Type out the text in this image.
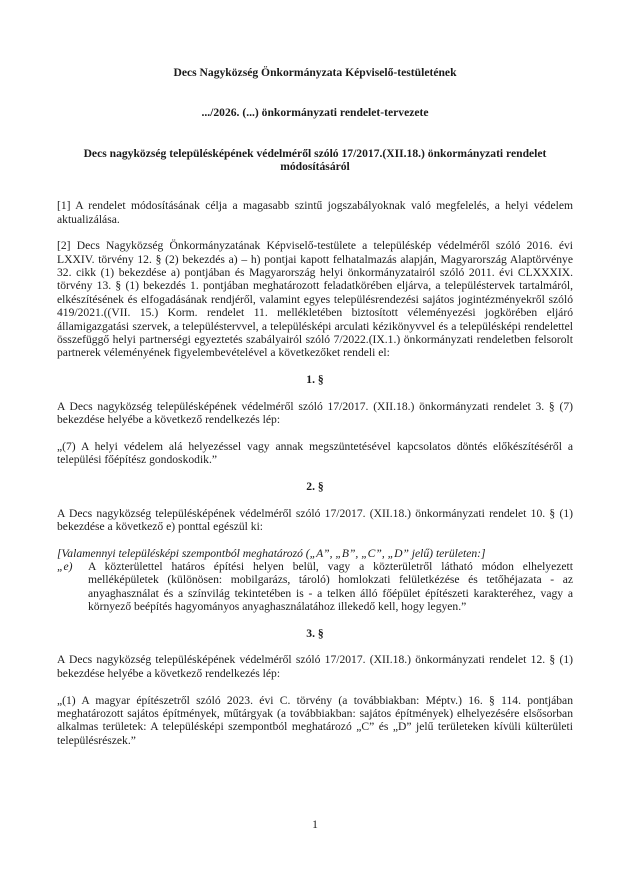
Decs Nagyközség Önkormányzata Képviselő-testületének
.../2026. (...) önkormányzati rendelet-tervezete
Decs nagyközség településképének védelméről szóló 17/2017.(XII.18.) önkormányzati rendelet módosításáról
[1] A rendelet módosításának célja a magasabb szintű jogszabályoknak való megfelelés, a helyi védelem aktualizálása.
[2] Decs Nagyközség Önkormányzatának Képviselő-testülete a településkép védelméről szóló 2016. évi LXXIV. törvény 12. § (2) bekezdés a) – h) pontjai kapott felhatalmazás alapján, Magyarország Alaptörvénye 32. cikk (1) bekezdése a) pontjában és Magyarország helyi önkormányzatairól szóló 2011. évi CLXXXIX. törvény 13. § (1) bekezdés 1. pontjában meghatározott feladatkörében eljárva, a településtervek tartalmáról, elkészítésének és elfogadásának rendjéről, valamint egyes településrendezési sajátos jogintézményekről szóló 419/2021.((VII. 15.) Korm. rendelet 11. mellékletében biztosított véleményezési jogkörében eljáró államigazgatási szervek, a településtervvel, a településképi arculati kézikönyvvel és a településképi rendelettel összefüggő helyi partnerségi egyeztetés szabályairól szóló 7/2022.(IX.1.) önkormányzati rendeletben felsorolt partnerek véleményének figyelembevételével a következőket rendeli el:
1. §
A Decs nagyközség településképének védelméről szóló 17/2017. (XII.18.) önkormányzati rendelet 3. § (7) bekezdése helyébe a következő rendelkezés lép:
„(7) A helyi védelem alá helyezéssel vagy annak megszüntetésével kapcsolatos döntés előkészítéséről a települési főépítész gondoskodik.”
2. §
A Decs nagyközség településképének védelméről szóló 17/2017. (XII.18.) önkormányzati rendelet 10. § (1) bekezdése a következő e) ponttal egészül ki:
[Valamennyi településképi szempontból meghatározó („A”, „B”, „C”, „D” jelű) területen:]
„e) A közterülettel határos építési helyen belül, vagy a közterületről látható módon elhelyezett melléképületek (különösen: mobilgarázs, tároló) homlokzati felületkézése és tetőhéjazata - az anyaghasználat és a színvilág tekintetében is - a telken álló főépület építészeti karakteréhez, vagy a környező beépítés hagyományos anyaghasználatához illekedő kell, hogy legyen.”
3. §
A Decs nagyközség településképének védelméről szóló 17/2017. (XII.18.) önkormányzati rendelet 12. § (1) bekezdése helyébe a következő rendelkezés lép:
„(1) A magyar építészetről szóló 2023. évi C. törvény (a továbbiakban: Méptv.) 16. § 114. pontjában meghatározott sajátos építmények, műtárgyak (a továbbiakban: sajátos építmények) elhelyezésére elsősorban alkalmas területek: A településképi szempontból meghatározó „C” és „D” jelű területeken kívüli külterületi településrészek.”
1
